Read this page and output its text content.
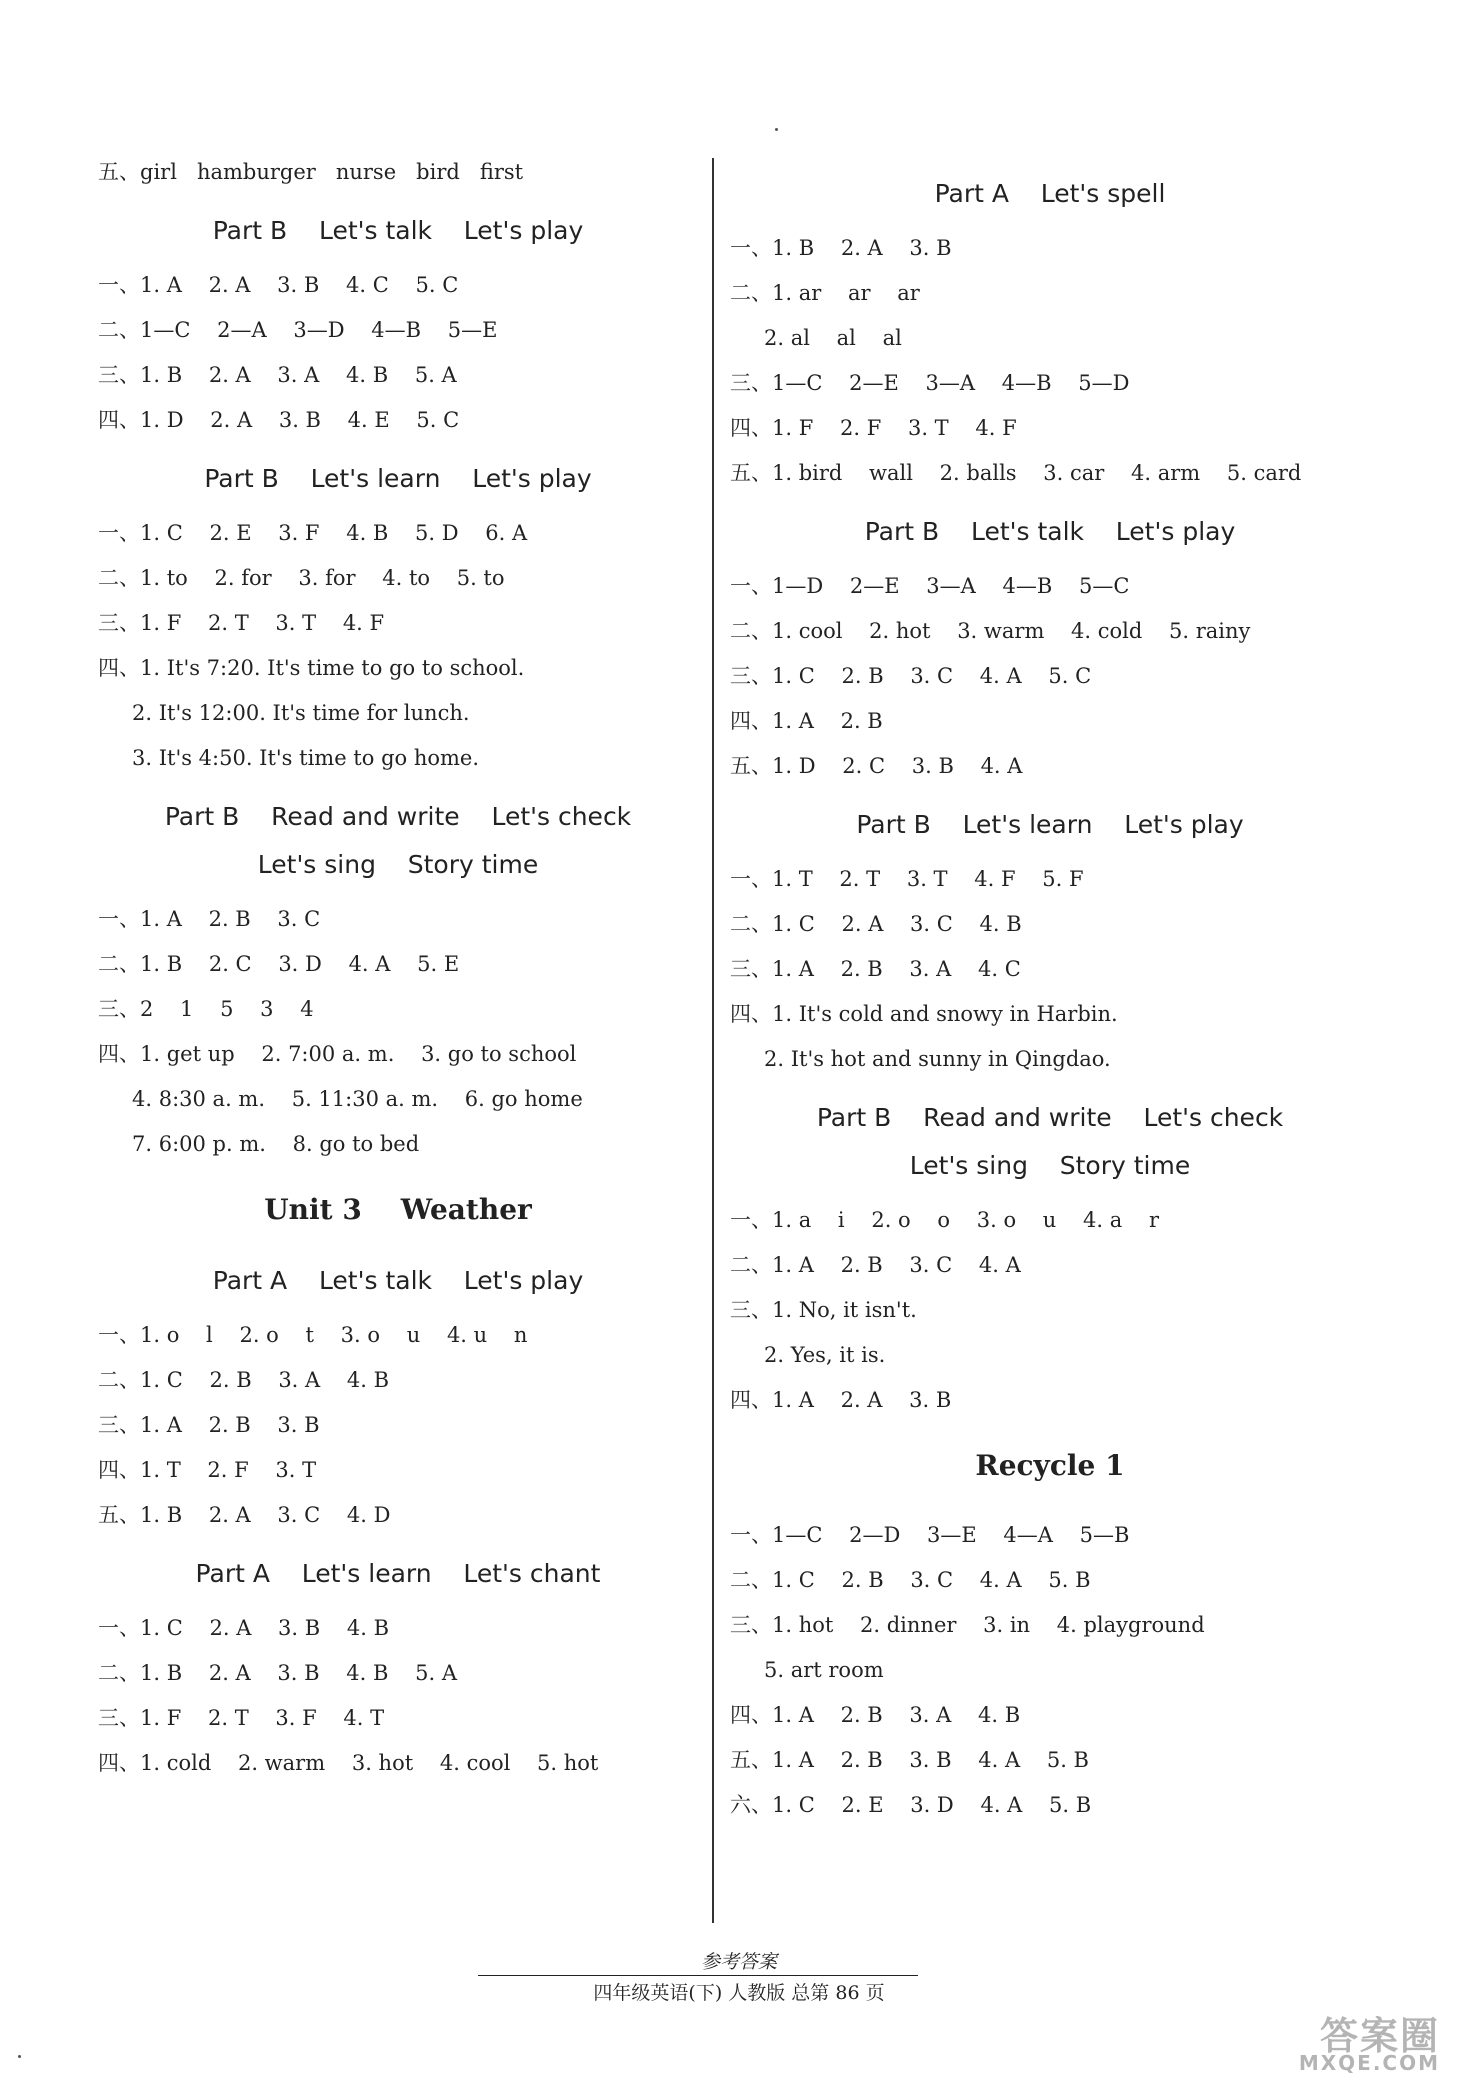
五、girl   hamburger   nurse   bird   first
Part B    Let's talk    Let's play
一、1. A    2. A    3. B    4. C    5. C
二、1—C    2—A    3—D    4—B    5—E
三、1. B    2. A    3. A    4. B    5. A
四、1. D    2. A    3. B    4. E    5. C
Part B    Let's learn    Let's play
一、1. C    2. E    3. F    4. B    5. D    6. A
二、1. to    2. for    3. for    4. to    5. to
三、1. F    2. T    3. T    4. F
四、1. It's 7:20. It's time to go to school.
2. It's 12:00. It's time for lunch.
3. It's 4:50. It's time to go home.
Part B    Read and write    Let's check
Let's sing    Story time
一、1. A    2. B    3. C
二、1. B    2. C    3. D    4. A    5. E
三、2    1    5    3    4
四、1. get up    2. 7:00 a. m.    3. go to school
4. 8:30 a. m.    5. 11:30 a. m.    6. go home
7. 6:00 p. m.    8. go to bed
Unit 3    Weather
Part A    Let's talk    Let's play
一、1. o    l    2. o    t    3. o    u    4. u    n
二、1. C    2. B    3. A    4. B
三、1. A    2. B    3. B
四、1. T    2. F    3. T
五、1. B    2. A    3. C    4. D
Part A    Let's learn    Let's chant
一、1. C    2. A    3. B    4. B
二、1. B    2. A    3. B    4. B    5. A
三、1. F    2. T    3. F    4. T
四、1. cold    2. warm    3. hot    4. cool    5. hot
Part A    Let's spell
一、1. B    2. A    3. B
二、1. ar    ar    ar
2. al    al    al
三、1—C    2—E    3—A    4—B    5—D
四、1. F    2. F    3. T    4. F
五、1. bird    wall    2. balls    3. car    4. arm    5. card
Part B    Let's talk    Let's play
一、1—D    2—E    3—A    4—B    5—C
二、1. cool    2. hot    3. warm    4. cold    5. rainy
三、1. C    2. B    3. C    4. A    5. C
四、1. A    2. B
五、1. D    2. C    3. B    4. A
Part B    Let's learn    Let's play
一、1. T    2. T    3. T    4. F    5. F
二、1. C    2. A    3. C    4. B
三、1. A    2. B    3. A    4. C
四、1. It's cold and snowy in Harbin.
2. It's hot and sunny in Qingdao.
Part B    Read and write    Let's check
Let's sing    Story time
一、1. a    i    2. o    o    3. o    u    4. a    r
二、1. A    2. B    3. C    4. A
三、1. No, it isn't.
2. Yes, it is.
四、1. A    2. A    3. B
Recycle 1
一、1—C    2—D    3—E    4—A    5—B
二、1. C    2. B    3. C    4. A    5. B
三、1. hot    2. dinner    3. in    4. playground
5. art room
四、1. A    2. B    3. A    4. B
五、1. A    2. B    3. B    4. A    5. B
六、1. C    2. E    3. D    4. A    5. B
参考答案
四年级英语(下) 人教版 总第 86 页
答案圈
MXQE.COM
